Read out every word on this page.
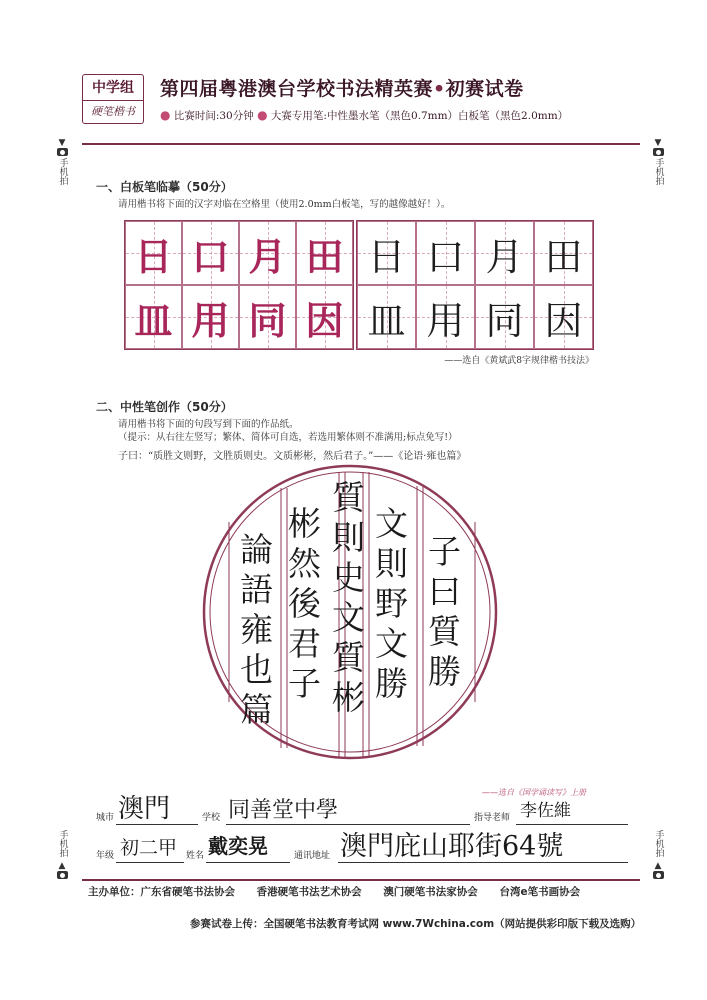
中学组
硬笔楷书
第四届粤港澳台学校书法精英赛•初赛试卷
● 比赛时间:30分钟 ● 大赛专用笔:中性墨水笔（黑色0.7mm）白板笔（黑色2.0mm）
▼
手机拍
▼
手机拍
手机拍
▲
手机拍
▲
一、白板笔临摹（50分）
请用楷书将下面的汉字对临在空格里（使用2.0mm白板笔，写的越像越好！）。
日 口 月 田
皿 用 同 因
日 口 月 田
皿 用 同 因
——选自《黄斌武8字规律楷书技法》
二、中性笔创作（50分）
请用楷书将下面的句段写到下面的作品纸。
（提示：从右往左竖写；繁体、简体可自选，若选用繁体则不准满用;标点免写!）
子曰：“质胜文则野，文胜质则史。文质彬彬，然后君子。”——《论语·雍也篇》
子
曰
質
勝
文
則
野
文
勝
質
則
史
文
質
彬
彬
然
後
君
子
論
語
雍
也
篇
——选自《国学诵读写》上册
城市 澳門	学校 同善堂中學	指导老师 李佐維
年级 初二甲 姓名 戴奕晃	通讯地址 澳門庇山耶街64號
主办单位：广东省硬笔书法协会 香港硬笔书法艺术协会 澳门硬笔书法家协会 台湾e笔书画协会
参赛试卷上传：全国硬笔书法教育考试网 www.7Wchina.com（网站提供彩印版下载及选购）
